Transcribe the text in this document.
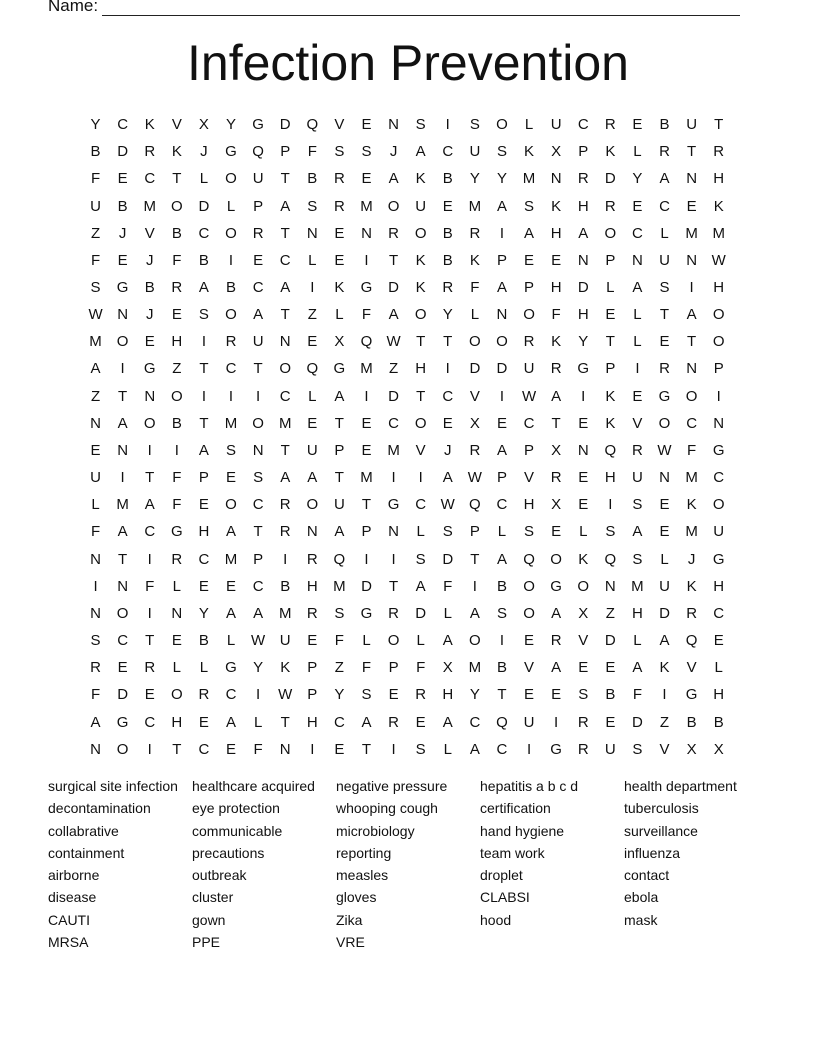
Name:
Infection Prevention
Y	C	K	V	X	Y	G	D	Q	V	E	N	S	I	S	O	L	U	C	R	E	B	U	T
B	D	R	K	J	G	Q	P	F	S	S	J	A	C	U	S	K	X	P	K	L	R	T	R
F	E	C	T	L	O	U	T	B	R	E	A	K	B	Y	Y	M	N	R	D	Y	A	N	H
U	B	M	O	D	L	P	A	S	R	M	O	U	E	M	A	S	K	H	R	E	C	E	K
Z	J	V	B	C	O	R	T	N	E	N	R	O	B	R	I	A	H	A	O	C	L	M M
F	E	J	F	B	I	E	C	L	E	I	T	K	B	K	P	E	E	N	P	N	U	N W
S	G	B	R	A	B	C	A	I	K	G	D	K	R	F	A	P	H	D	L	A	S	I	H
W N	J	E	S	O	A	T	Z	L	F	A	O	Y	L	N	O	F	H	E	L	T	A	O
M	O	E	H	I	R	U	N	E	X	Q W	T	T	O	O	R	K	Y	T	L	E	T	O
A	I	G	Z	T	C	T	O	Q	G	M	Z	H	I	D	D	U	R	G	P	I	R	N	P
Z	T	N	O	I	I	I	C	L	A	I	D	T	C	V	I	W	A	I	K	E	G	O	I
N	A	O	B	T	M	O	M	E	T	E	C	O	E	X	E	C	T	E	K	V	O	C	N
E	N	I	I	A	S	N	T	U	P	E	M	V	J	R	A	P	X	N	Q	R W	F	G
U	I	T	F	P	E	S	A	A	T	M	I	I	A	W	P	V	R	E	H	U	N	M	C
L	M	A	F	E	O	C	R	O	U	T	G	C W Q	C	H	X	E	I	S	E	K	O
F	A	C	G	H	A	T	R	N	A	P	N	L	S	P	L	S	E	L	S	A	E	M	U
N	T	I	R	C	M	P	I	R	Q	I	I	S	D	T	A	Q	O	K	Q	S	L	J	G
I	N	F	L	E	E	C	B	H	M	D	T	A	F	I	B	O	G	O	N	M	U	K	H
N	O	I	N	Y	A	A	M	R	S	G	R	D	L	A	S	O	A	X	Z	H	D	R	C
S	C	T	E	B	L	W U	E	F	L	O	L	A	O	I	E	R	V	D	L	A	Q	E
R	E	R	L	L	G	Y	K	P	Z	F	P	F	X	M	B	V	A	E	E	A	K	V	L
F	D	E	O	R	C	I	W	P	Y	S	E	R	H	Y	T	E	E	S	B	F	I	G	H
A	G	C	H	E	A	L	T	H	C	A	R	E	A	C	Q	U	I	R	E	D	Z	B	B
N	O	I	T	C	E	F	N	I	E	T	I	S	L	A	C	I	G	R	U	S	V	X	X
surgical site infection	healthcare acquired	negative pressure	hepatitis a b c d	health department
decontamination	eye protection	whooping cough	certification	tuberculosis
collabrative	communicable	microbiology	hand hygiene	surveillance
containment	precautions	reporting	team work	influenza
airborne	outbreak	measles	droplet	contact
disease	cluster	gloves	CLABSI	ebola
CAUTI	gown	Zika	hood	mask
MRSA	PPE	VRE
